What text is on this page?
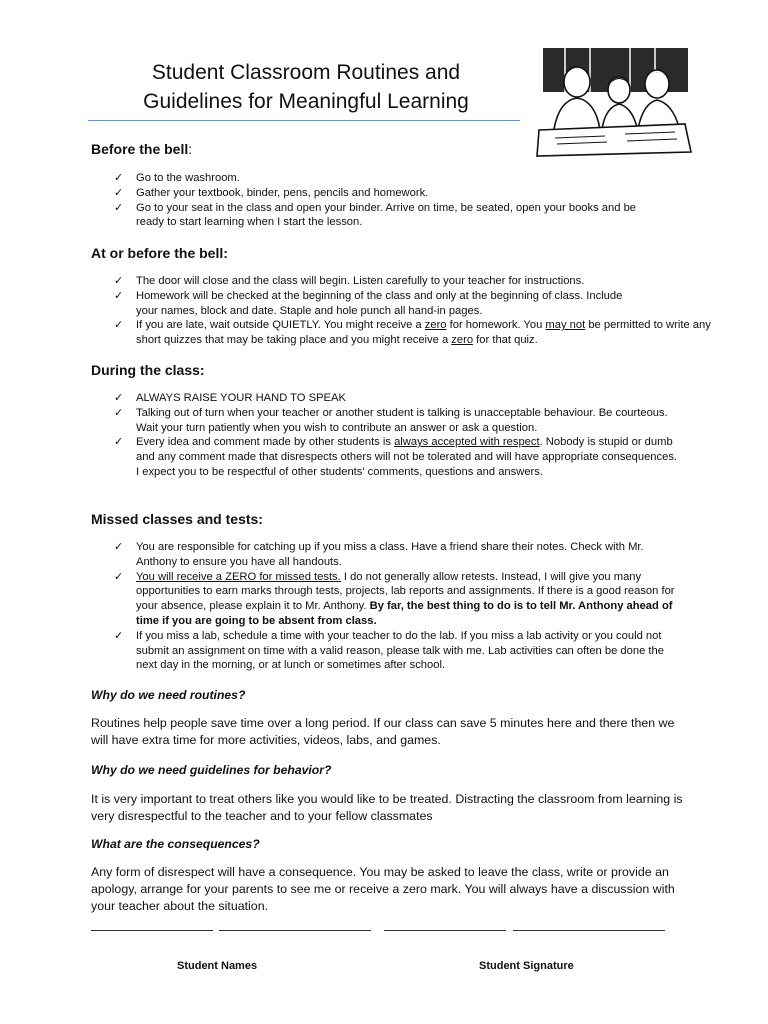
Student Classroom Routines and
Guidelines for Meaningful Learning
Before the bell:
✓ Go to the washroom.
✓ Gather your textbook, binder, pens, pencils and homework.
✓ Go to your seat in the class and open your binder. Arrive on time, be seated, open your books and be ready to start learning when I start the lesson.
At or before the bell:
✓ The door will close and the class will begin. Listen carefully to your teacher for instructions.
✓ Homework will be checked at the beginning of the class and only at the beginning of class. Include your names, block and date. Staple and hole punch all hand-in pages.
✓ If you are late, wait outside QUIETLY. You might receive a zero for homework. You may not be permitted to write any short quizzes that may be taking place and you might receive a zero for that quiz.
During the class:
✓ ALWAYS RAISE YOUR HAND TO SPEAK
✓ Talking out of turn when your teacher or another student is talking is unacceptable behaviour. Be courteous. Wait your turn patiently when you wish to contribute an answer or ask a question.
✓ Every idea and comment made by other students is always accepted with respect. Nobody is stupid or dumb and any comment made that disrespects others will not be tolerated and will have appropriate consequences. I expect you to be respectful of other students' comments, questions and answers.
Missed classes and tests:
✓ You are responsible for catching up if you miss a class. Have a friend share their notes. Check with Mr. Anthony to ensure you have all handouts.
✓ You will receive a ZERO for missed tests. I do not generally allow retests. Instead, I will give you many opportunities to earn marks through tests, projects, lab reports and assignments. If there is a good reason for your absence, please explain it to Mr. Anthony. By far, the best thing to do is to tell Mr. Anthony ahead of time if you are going to be absent from class.
✓ If you miss a lab, schedule a time with your teacher to do the lab. If you miss a lab activity or you could not submit an assignment on time with a valid reason, please talk with me. Lab activities can often be done the next day in the morning, or at lunch or sometimes after school.
Why do we need routines?
Routines help people save time over a long period. If our class can save 5 minutes here and there then we will have extra time for more activities, videos, labs, and games.
Why do we need guidelines for behavior?
It is very important to treat others like you would like to be treated. Distracting the classroom from learning is very disrespectful to the teacher and to your fellow classmates
What are the consequences?
Any form of disrespect will have a consequence. You may be asked to leave the class, write or provide an apology, arrange for your parents to see me or receive a zero mark. You will always have a discussion with your teacher about the situation.
Student Names	Student Signature
